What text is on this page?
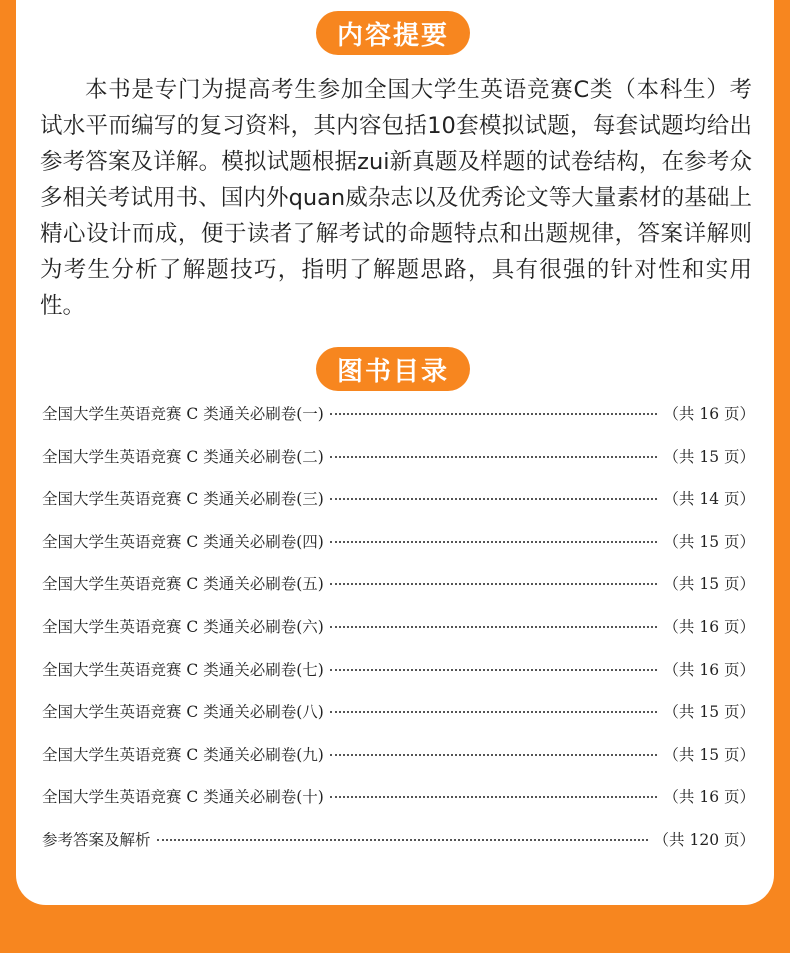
内容提要

本书是专门为提高考生参加全国大学生英语竞赛C类（本科生）考试水平而编写的复习资料，其内容包括10套模拟试题，每套试题均给出参考答案及详解。模拟试题根据zui新真题及样题的试卷结构，在参考众多相关考试用书、国内外quan威杂志以及优秀论文等大量素材的基础上精心设计而成，便于读者了解考试的命题特点和出题规律，答案详解则为考生分析了解题技巧，指明了解题思路，具有很强的针对性和实用性。

图书目录
全国大学生英语竞赛 C 类通关必刷卷(一)	（共 16 页）
全国大学生英语竞赛 C 类通关必刷卷(二)	（共 15 页）
全国大学生英语竞赛 C 类通关必刷卷(三)	（共 14 页）
全国大学生英语竞赛 C 类通关必刷卷(四)	（共 15 页）
全国大学生英语竞赛 C 类通关必刷卷(五)	（共 15 页）
全国大学生英语竞赛 C 类通关必刷卷(六)	（共 16 页）
全国大学生英语竞赛 C 类通关必刷卷(七)	（共 16 页）
全国大学生英语竞赛 C 类通关必刷卷(八)	（共 15 页）
全国大学生英语竞赛 C 类通关必刷卷(九)	（共 15 页）
全国大学生英语竞赛 C 类通关必刷卷(十)	（共 16 页）
参考答案及解析	（共 120 页）
